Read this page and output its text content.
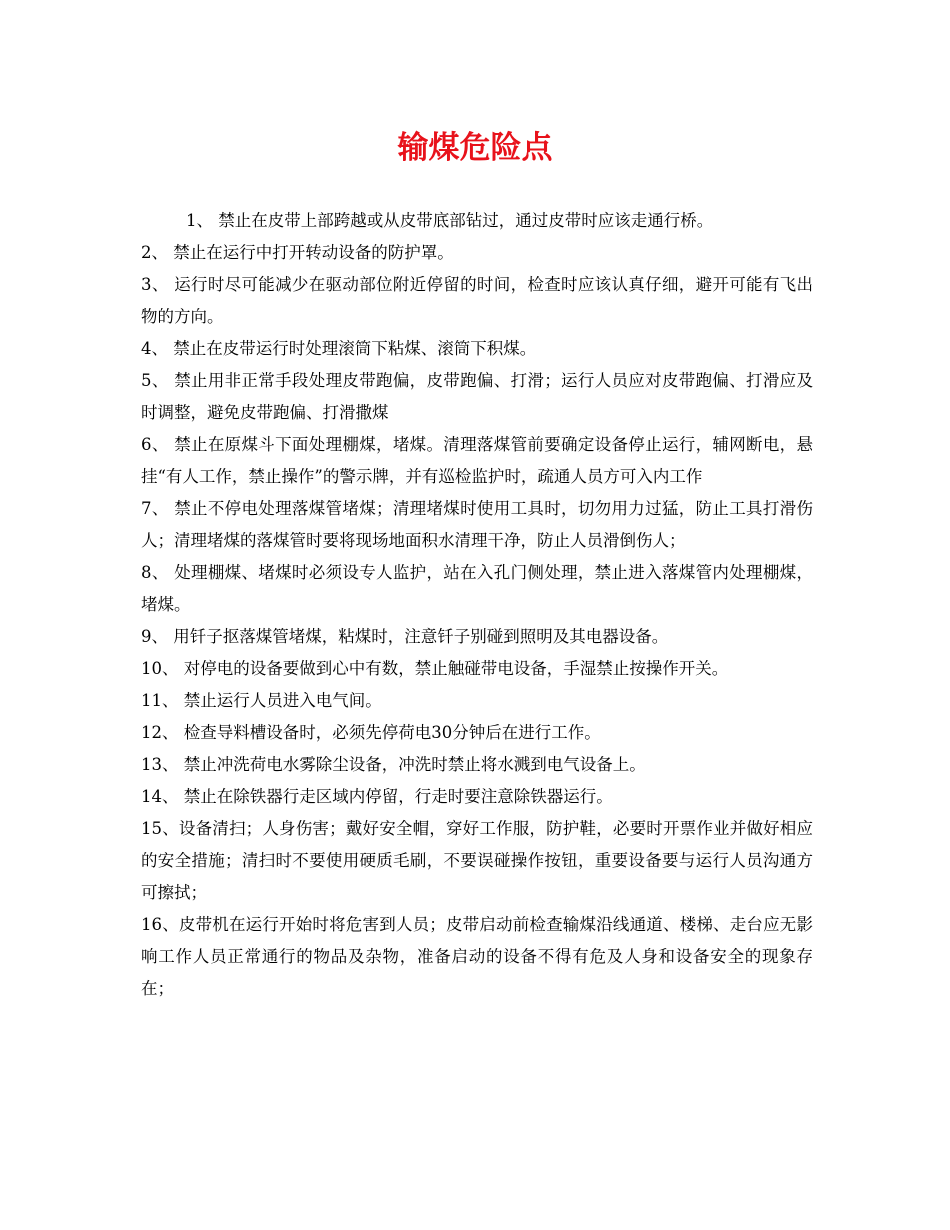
输煤危险点

1、 禁止在皮带上部跨越或从皮带底部钻过，通过皮带时应该走通行桥。

2、 禁止在运行中打开转动设备的防护罩。

3、 运行时尽可能减少在驱动部位附近停留的时间，检查时应该认真仔细，避开可能有飞出物的方向。

4、 禁止在皮带运行时处理滚筒下粘煤、滚筒下积煤。

5、 禁止用非正常手段处理皮带跑偏，皮带跑偏、打滑；运行人员应对皮带跑偏、打滑应及时调整，避免皮带跑偏、打滑撒煤

6、 禁止在原煤斗下面处理棚煤，堵煤。清理落煤管前要确定设备停止运行，辅网断电，悬挂“有人工作，禁止操作”的警示牌，并有巡检监护时，疏通人员方可入内工作

7、 禁止不停电处理落煤管堵煤；清理堵煤时使用工具时，切勿用力过猛，防止工具打滑伤人；清理堵煤的落煤管时要将现场地面积水清理干净，防止人员滑倒伤人；

8、 处理棚煤、堵煤时必须设专人监护，站在入孔门侧处理，禁止进入落煤管内处理棚煤，堵煤。

9、 用钎子抠落煤管堵煤，粘煤时，注意钎子别碰到照明及其电器设备。

10、 对停电的设备要做到心中有数，禁止触碰带电设备，手湿禁止按操作开关。

11、 禁止运行人员进入电气间。

12、 检查导料槽设备时，必须先停荷电30分钟后在进行工作。

13、 禁止冲洗荷电水雾除尘设备，冲洗时禁止将水溅到电气设备上。

14、 禁止在除铁器行走区域内停留，行走时要注意除铁器运行。

15、设备清扫；人身伤害；戴好安全帽，穿好工作服，防护鞋，必要时开票作业并做好相应的安全措施；清扫时不要使用硬质毛刷，不要误碰操作按钮，重要设备要与运行人员沟通方可擦拭；

16、皮带机在运行开始时将危害到人员；皮带启动前检查输煤沿线通道、楼梯、走台应无影响工作人员正常通行的物品及杂物，准备启动的设备不得有危及人身和设备安全的现象存在；
